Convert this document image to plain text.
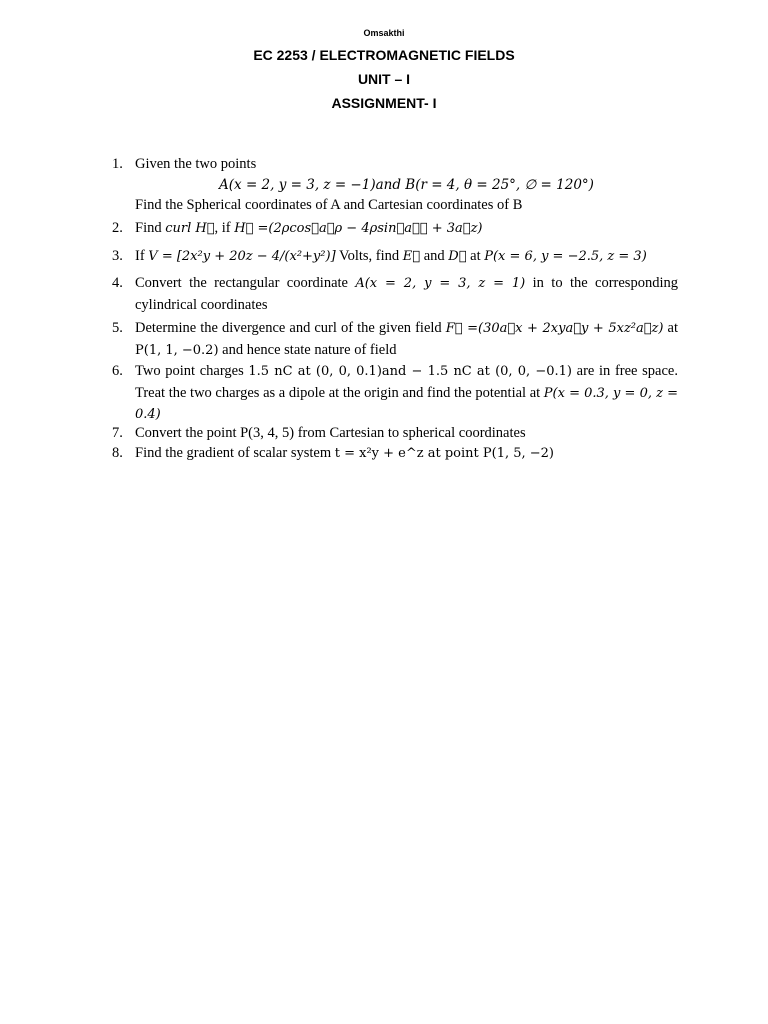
Omsakthi
EC 2253 / ELECTROMAGNETIC FIELDS
UNIT – I
ASSIGNMENT- I
1. Given the two points
A(x = 2, y = 3, z = −1)and B(r = 4, θ = 25°, ∅ = 120°)
Find the Spherical coordinates of A and Cartesian coordinates of B
2. Find curl H⃗, if H⃗ =(2ρcos∅a⃗ρ − 4ρsin∅a⃗∅ + 3a⃗z)
3. If V = [2x²y + 20z − 4/(x²+y²)] Volts, find E⃗ and D⃗ at P(x = 6, y = −2.5, z = 3)
4. Convert the rectangular coordinate A(x = 2, y = 3, z = 1) in to the corresponding cylindrical coordinates
5. Determine the divergence and curl of the given field F⃗ =(30a⃗x + 2xya⃗y + 5xz²a⃗z) at P(1, 1, −0.2) and hence state nature of field
6. Two point charges 1.5 nC at (0, 0, 0.1)and − 1.5 nC at (0, 0, −0.1) are in free space. Treat the two charges as a dipole at the origin and find the potential at P(x = 0.3, y = 0, z = 0.4)
7. Convert the point P(3, 4, 5) from Cartesian to spherical coordinates
8. Find the gradient of scalar system t = x²y + e^z at point P(1, 5, −2)
